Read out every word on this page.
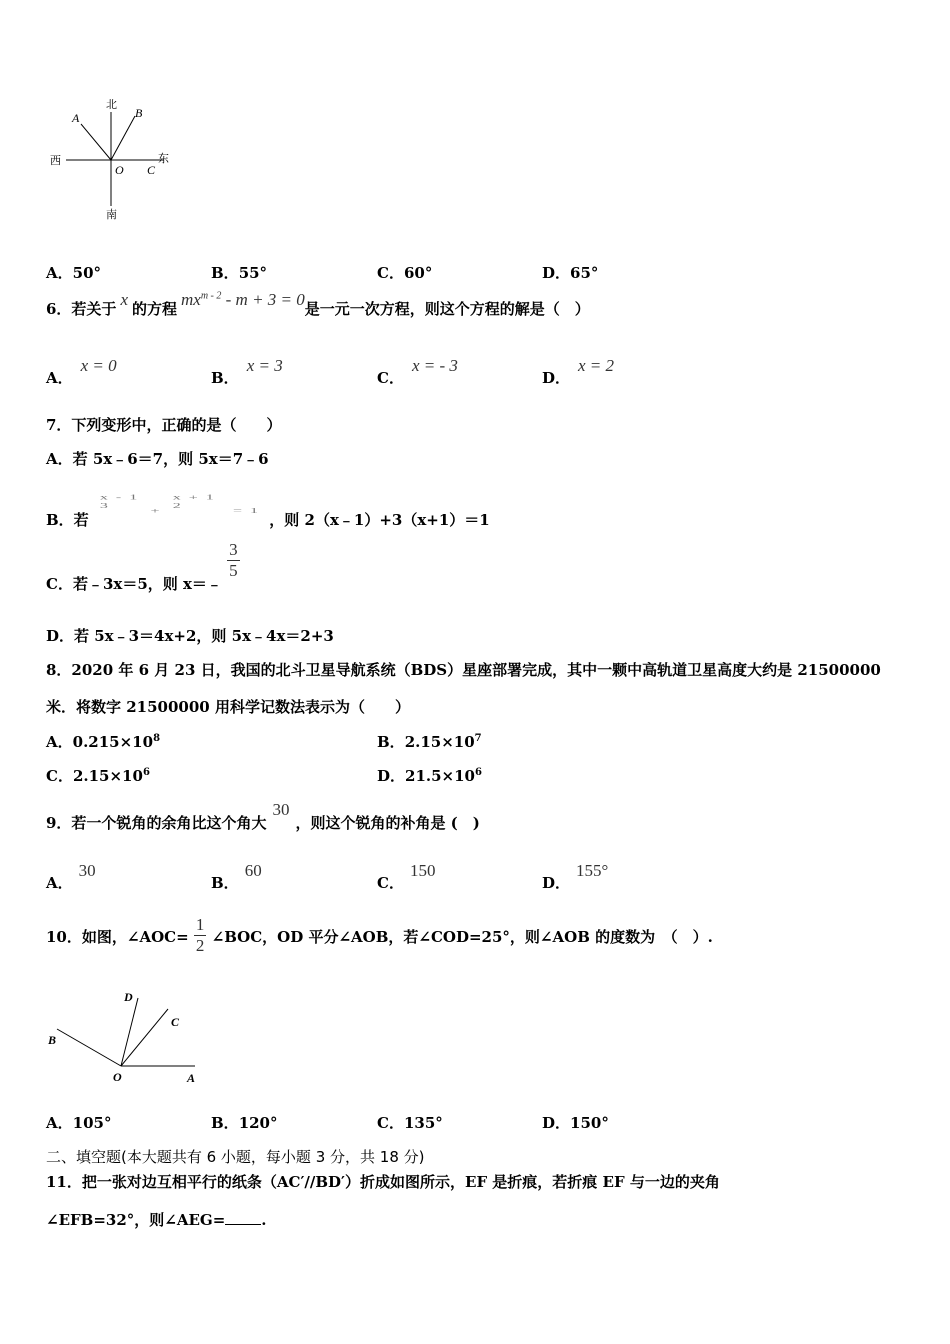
北
南
西	东
A	B
O C
A．50°	B．55°	C．60°	D．65°
6．若关于 x 的方程 $mx^{m - 2} - m + 3 = 0$是一元一次方程，则这个方程的解是（　）
A．x = 0
B．x = 3
C．x = - 3
D．x = 2
7．下列变形中，正确的是（　　）
A．若 5x﹣6＝7，则 5x＝7﹣6
B．若 x - 1
3 + x + 1
2 = 1 ，则 2（x﹣1）+3（x+1）＝1
C．若﹣3x＝5，则 x＝﹣
$\frac{3}{5}$
D．若 5x﹣3＝4x+2，则 5x﹣4x＝2+3
8．2020 年 6 月 23 日，我国的北斗卫星导航系统（BDS）星座部署完成，其中一颗中高轨道卫星高度大约是 21500000
米．将数字 21500000 用科学记数法表示为（　　）
A．$0.215\times 10^8$	B．$2.15\times 10^7$
C．$2.15\times 10^6$	D．$21.5\times 10^6$
9．若一个锐角的余角比这个角大30，则这个锐角的补角是 (　)
A．30
B．60
C．150
D．155°
10．如图，∠AOC= $\frac{1}{2}$ ∠BOC，OD 平分∠AOB，若∠COD=25°，则∠AOB 的度数为　（　）.
D
C
B
O	A
A．105°	B．120°	C．135°	D．150°
二、填空题(本大题共有 6 小题，每小题 3 分，共 18 分)
11．把一张对边互相平行的纸条（AC′//BD′）折成如图所示，EF 是折痕，若折痕 EF 与一边的夹角
∠EFB=32°，则∠AEG= .
